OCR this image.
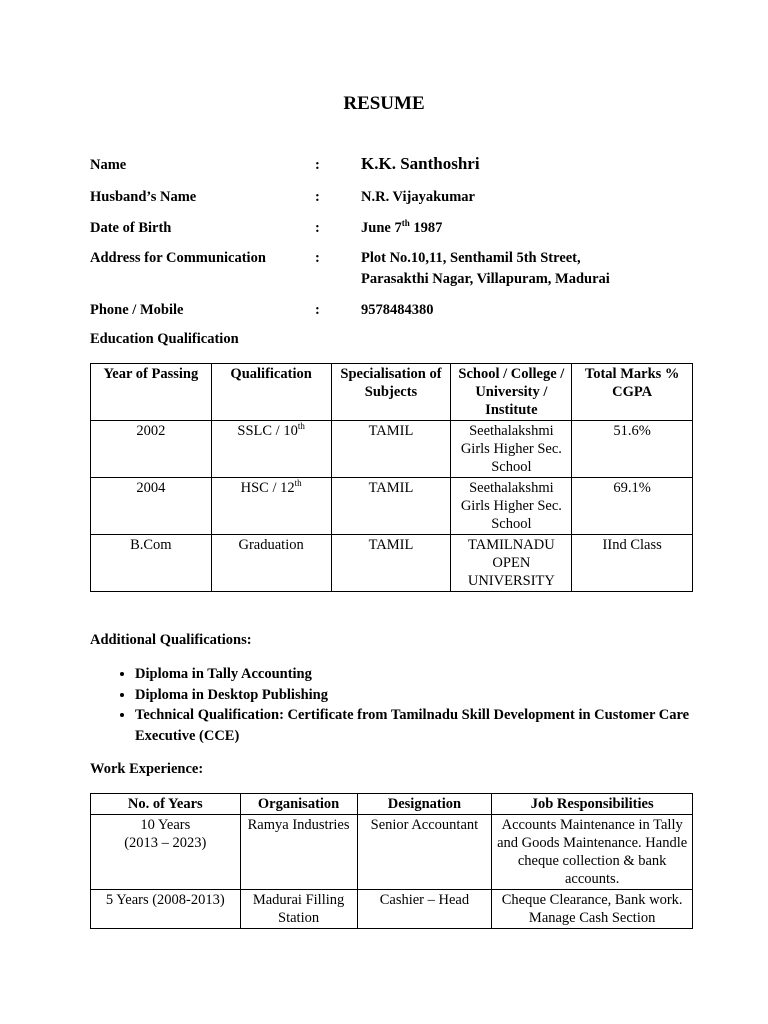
RESUME
Name	: K.K. Santhoshri
Husband’s Name	:	N.R. Vijayakumar
Date of Birth	:	June 7th 1987
Address for Communication	:	Plot No.10,11, Senthamil 5th Street,
Parasakthi Nagar, Villapuram, Madurai
Phone / Mobile	:	9578484380
Education Qualification
Year of Passing	Qualification	Specialisation of Subjects	School / College / University / Institute	Total Marks % CGPA
2002	SSLC / 10th	TAMIL	Seethalakshmi Girls Higher Sec. School	51.6%
2004	HSC / 12th	TAMIL	Seethalakshmi Girls Higher Sec. School	69.1%
B.Com	Graduation	TAMIL	TAMILNADU OPEN UNIVERSITY	IInd Class
Additional Qualifications:
• Diploma in Tally Accounting
• Diploma in Desktop Publishing
• Technical Qualification: Certificate from Tamilnadu Skill Development in Customer Care Executive (CCE)
Work Experience:
No. of Years	Organisation	Designation	Job Responsibilities
10 Years
(2013 – 2023)	Ramya Industries	Senior Accountant	Accounts Maintenance in Tally and Goods Maintenance. Handle cheque collection & bank accounts.
5 Years (2008-2013)	Madurai Filling Station	Cashier – Head	Cheque Clearance, Bank work. Manage Cash Section
